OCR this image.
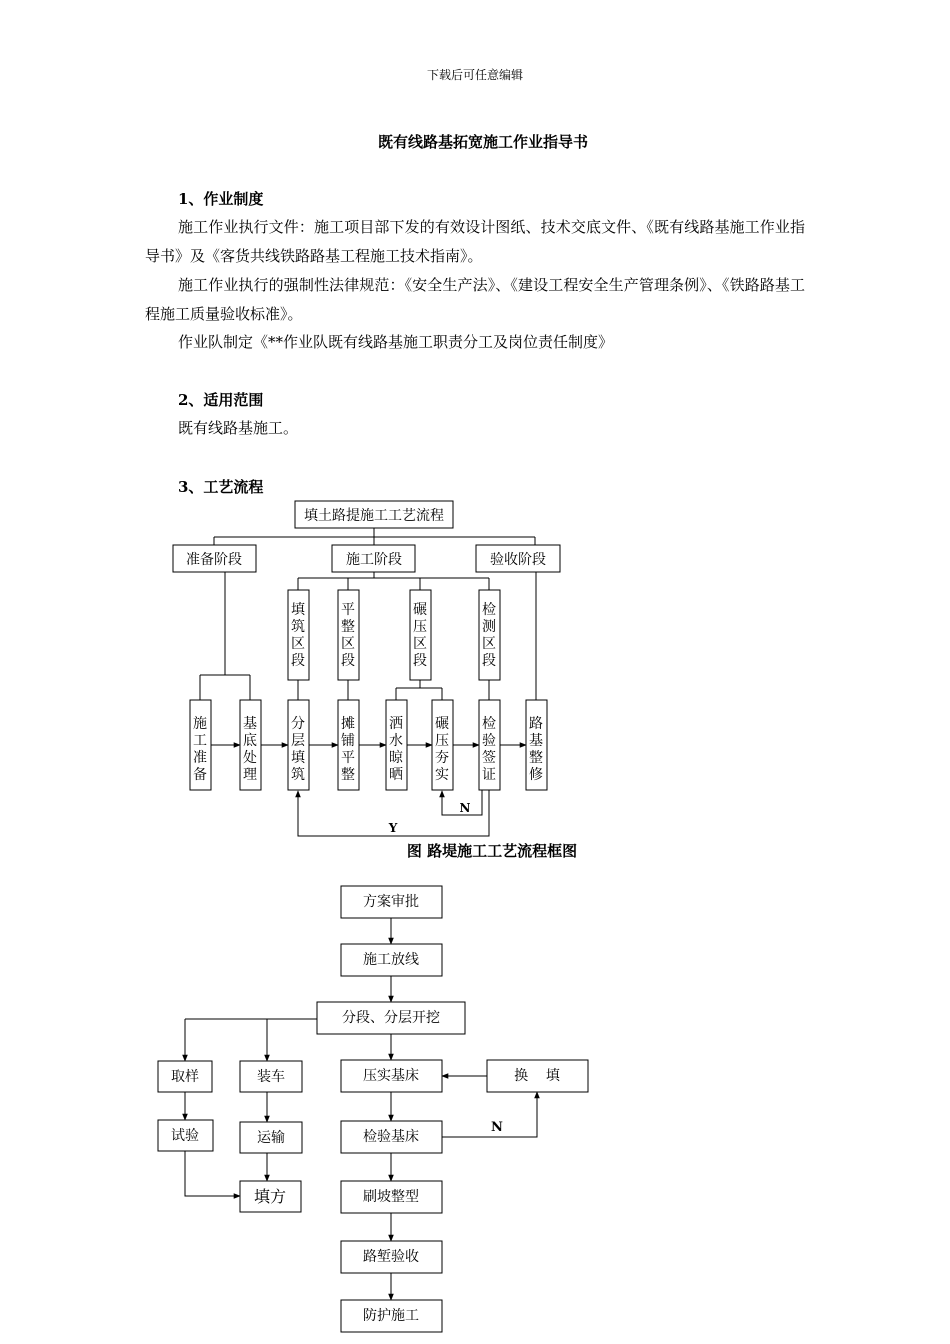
下载后可任意编辑
既有线路基拓宽施工作业指导书
1、作业制度
施工作业执行文件：施工项目部下发的有效设计图纸、技术交底文件、《既有线路基施工作业指导书》及《客货共线铁路路基工程施工技术指南》。
施工作业执行的强制性法律规范：《安全生产法》、《建设工程安全生产管理条例》、《铁路路基工程施工质量验收标准》。
作业队制定《**作业队既有线路基施工职责分工及岗位责任制度》
2、适用范围
既有线路基施工。
3、工艺流程
填土路提施工工艺流程
准备阶段	施工阶段	验收阶段
填筑区段
平整区段
碾压区段
检测区段
施工准备
基底处理
分层填筑
摊铺平整
洒水晾晒
碾压夯实
检验签证
路基整修
N
Y
图 路堤施工工艺流程框图
方案审批
施工放线
分段、分层开挖
压实基床
检验基床
刷坡整型
路堑验收
防护施工
取样
试验
装车
运输
填方
换    填
N
